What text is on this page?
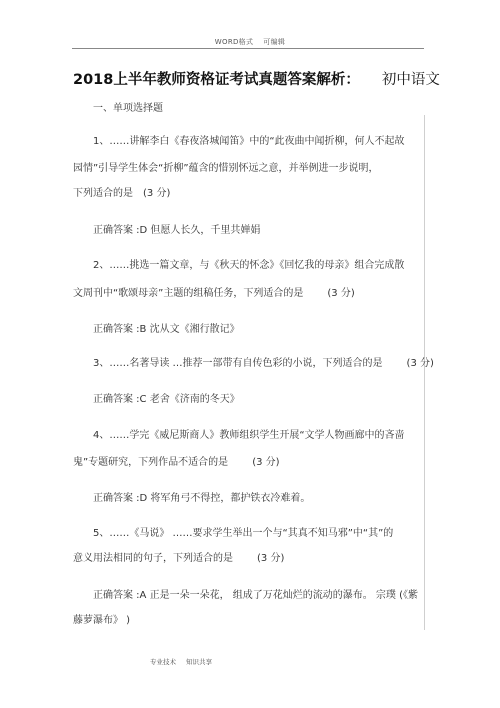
WORD格式 可编辑
2018上半年教师资格证考试真题答案解析： 初中语文
一、单项选择题
1、……讲解李白《春夜洛城闻笛》中的“此夜曲中闻折柳，何人不起故
园情”引导学生体会“折柳”蕴含的惜别怀远之意，并举例进一步说明，
下列适合的是 (3 分)
正确答案 :D 但愿人长久，千里共婵娟
2、……挑选一篇文章，与《秋天的怀念》《回忆我的母亲》组合完成散
文周刊中“歌颂母亲”主题的组稿任务，下列适合的是 (3 分)
正确答案 :B 沈从文《湘行散记》
3、……名著导读 …推荐一部带有自传色彩的小说，下列适合的是 (3 分)
正确答案 :C 老舍《济南的冬天》
4、……学完《威尼斯商人》教师组织学生开展“文学人物画廊中的吝啬
鬼”专题研究，下列作品不适合的是 (3 分)
正确答案 :D 将军角弓不得控，都护铁衣冷难着。
5、……《马说》 ……要求学生举出一个与“其真不知马邪”中“其”的
意义用法相同的句子，下列适合的是 (3 分)
正确答案 :A 正是一朵一朵花， 组成了万花灿烂的流动的瀑布。 宗璞 (《紫
藤萝瀑布》 )
专业技术 知识共享
